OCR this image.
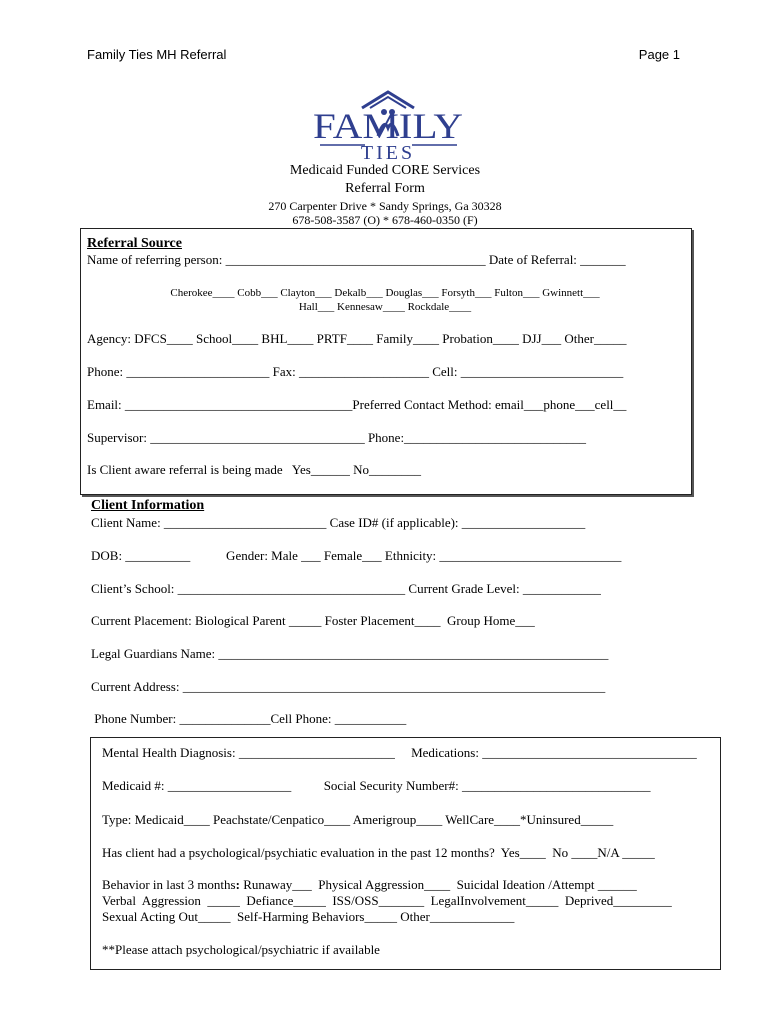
Family Ties MH Referral	Page 1
FAMILY
TIES
Medicaid Funded CORE Services
Referral Form
270 Carpenter Drive * Sandy Springs, Ga 30328
678-508-3587 (O) * 678-460-0350 (F)
Referral Source
Name of referring person: ________________________________________ Date of Referral: _______
Cherokee____ Cobb___ Clayton___ Dekalb___ Douglas___ Forsyth___ Fulton___ Gwinnett___
Hall___ Kennesaw____ Rockdale____
Agency: DFCS____ School____ BHL____ PRTF____ Family____ Probation____ DJJ___ Other_____
Phone: ______________________ Fax: ____________________ Cell: _________________________
Email: ___________________________________Preferred Contact Method: email___phone___cell__
Supervisor: _________________________________ Phone:____________________________
Is Client aware referral is being made   Yes______ No________
Client Information
Client Name: _________________________ Case ID# (if applicable): ___________________
DOB: __________           Gender: Male ___ Female___ Ethnicity: ____________________________
Client’s School: ___________________________________ Current Grade Level: ____________
Current Placement: Biological Parent _____ Foster Placement____  Group Home___
Legal Guardians Name: ____________________________________________________________
Current Address: _________________________________________________________________
Phone Number: ______________Cell Phone: ___________
Mental Health Diagnosis: ________________________     Medications: _________________________________
Medicaid #: ___________________          Social Security Number#: _____________________________
Type: Medicaid____ Peachstate/Cenpatico____ Amerigroup____ WellCare____*Uninsured_____
Has client had a psychological/psychiatic evaluation in the past 12 months?  Yes____  No ____N/A _____
Behavior in last 3 months: Runaway___  Physical Aggression____  Suicidal Ideation /Attempt ______
Verbal  Aggression  _____  Defiance_____  ISS/OSS_______  LegalInvolvement_____  Deprived_________
Sexual Acting Out_____  Self-Harming Behaviors_____ Other_____________
**Please attach psychological/psychiatric if available
